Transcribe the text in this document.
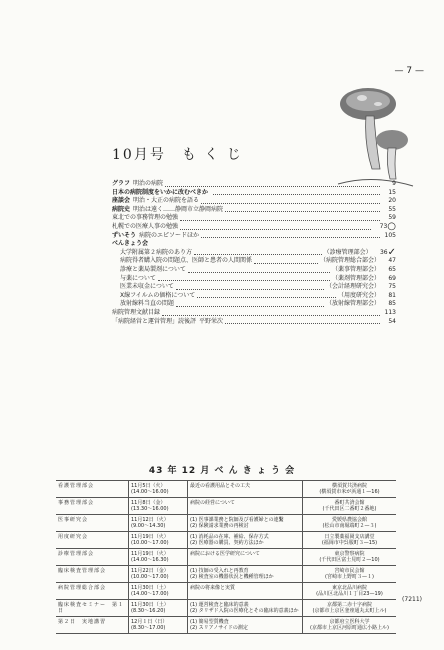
— 7 —
10月号　も く じ
グラフ 明治の病院	9
日本の病院制度をいかに改むべきか	15
座談会 明治・大正の病院を語る	20
病院史 明治は遠く……静岡市立静岡病院	55
東北での事務管理の勉強	59
札幌での医療人事の勉強	73 ○
ずいそう 病院のエピソードほか	105
べんきょう会
大学附属第２病院のあり方	（診療管理部会）	36 ✓
病院得者購入院の問題点、医師と患者の人間関係	（病院管理総合部会）	47
診療と薬局製剤について	（薬事管理部会）	65
与薬について	（薬剤管理部会）	69
医業未収金について	（会計経理研究会）	75
X線フイルムの価格について	（用度研究会）	81
放射線料当直の問題	（放射線管理部会）	85
病院管理文献目録	113
「病院経営と運営管理」読後評 平野栄次	54
43 年 12 月 べ ん き ょ う 会
看護管理部会	11月5日（火）
(14.00～16.00)	最近の看護用品とその工夫	横須賀共済病院
(横須賀市米が浜通１—16)

事務管理部会	11月8日（金）
(13.30～16.00)	病院の経営について	番町共済会館
(千代田区二番町２番地)

医事研究会	11月12日（火）
(9.00～14.30)	(1) 医事課業務と院師及び看護婦との連繫
(2) 保険請求業務の再検討	愛媛県農協会館
(松山市南堀端町２—３)

用度研究会	11月19日（火）
(10.00～17.00)	(1) 消耗品の在庫、補給、保存方式
(2) 医療器の購買、契約方法ほか	日立製薬福岡支店講堂
(福岡市中呉服町３—15)

診療管理部会	11月19日（火）
(14.00～16.30)	病院における医学研究について	東京警察病院
(千代田区富士見町２—10)

臨床検査管理部会	11月22日（金）
(10.00～17.00)	(1) 技師の受入れと再教育
(2) 検査室の機器状況と機種管理ほか	宮崎市民会館
(宮崎市上野町３—１)

病院管理総合部会	11月30日（土）
(14.00～17.00)	病院の将来像と実質	東京北品川病院
(品川区北品川１丁目23—19)

臨床検査セミナー　第１日	11月30日（土）
(8.30～16.20)	(1) 運営検査と臨床的意義
(2) タリザド入院の医療化とその臨床的意義ほか	京都第二赤十字病院
(京都市上京区釜座通丸太町上ル)

第２日　実地講習	12月１日（日）
(8.30～17.00)	(1) 簡易型質機査
(2) スリアノサイドの測定	京都府立医科大学
(京都市上京区河原町通広小路上ル)
(7211)
